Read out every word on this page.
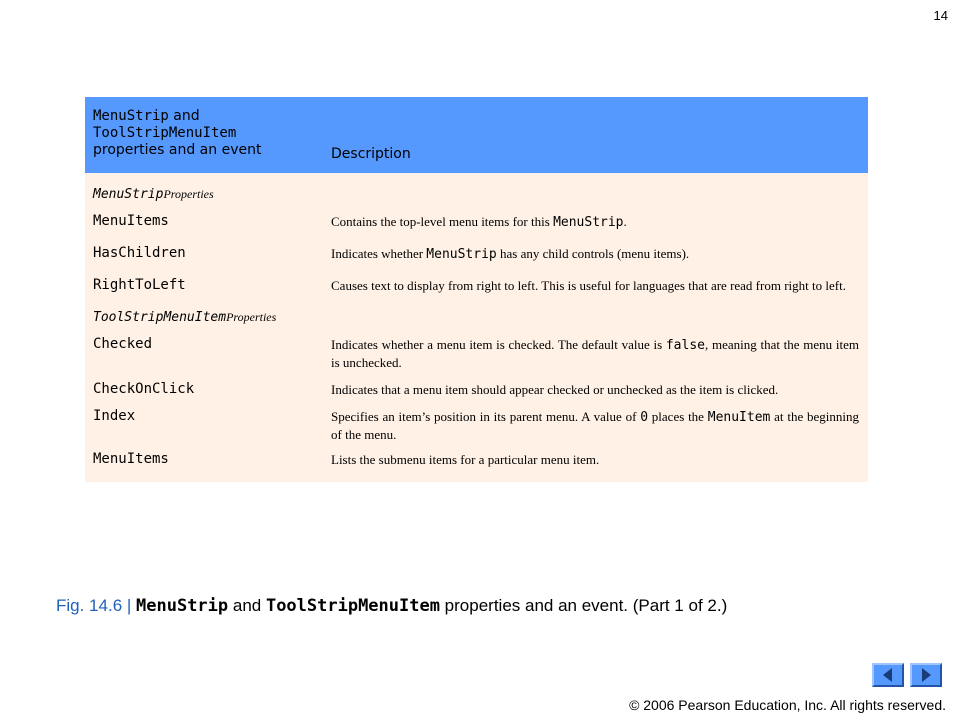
14
MenuStrip and
ToolStripMenuItem
properties and an event	Description
MenuStrip Properties
MenuItems	Contains the top-level menu items for this MenuStrip.
HasChildren	Indicates whether MenuStrip has any child controls (menu items).
RightToLeft	Causes text to display from right to left. This is useful for languages that are read from right to left.
ToolStripMenuItem Properties
Checked	Indicates whether a menu item is checked. The default value is false, meaning that the menu item is unchecked.
CheckOnClick	Indicates that a menu item should appear checked or unchecked as the item is clicked.
Index	Specifies an item’s position in its parent menu. A value of 0 places the MenuItem at the beginning of the menu.
MenuItems	Lists the submenu items for a particular menu item.
Fig. 14.6 | MenuStrip and ToolStripMenuItem properties and an event. (Part 1 of 2.)
© 2006 Pearson Education, Inc. All rights reserved.
